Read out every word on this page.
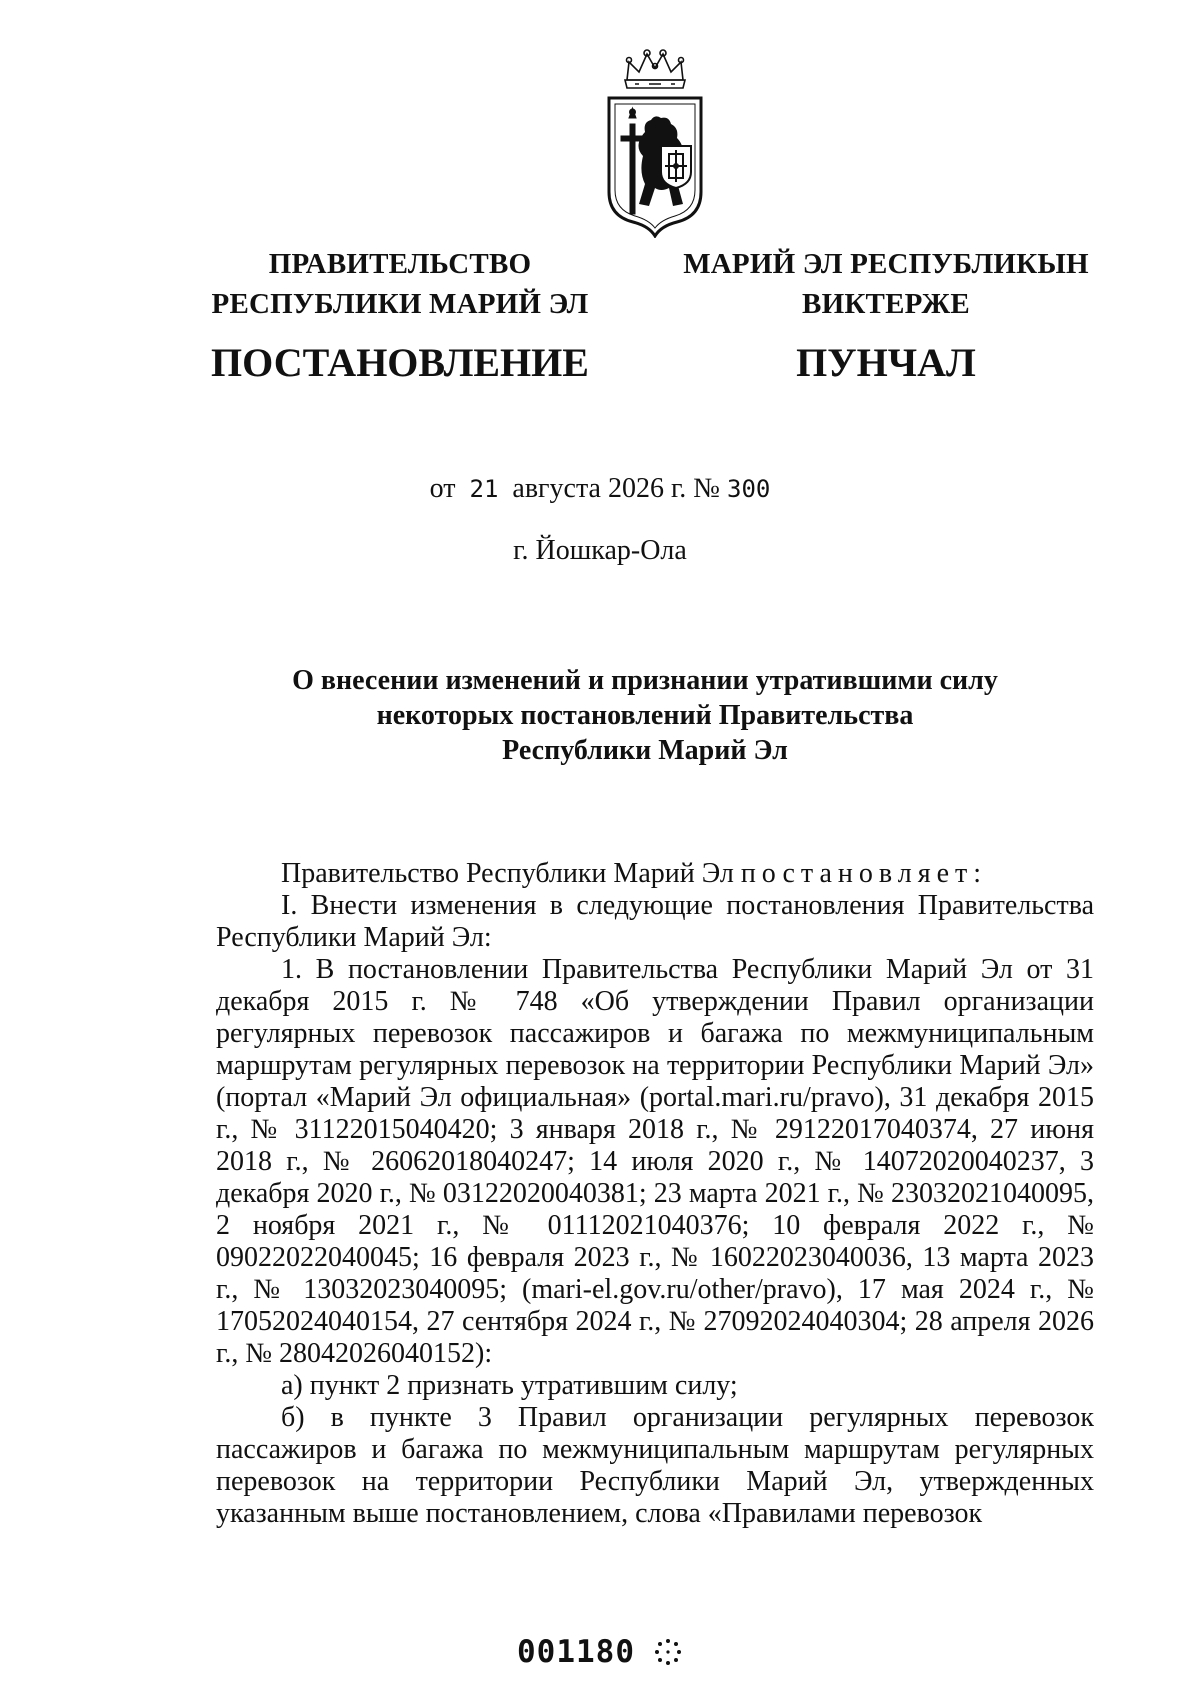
ПРАВИТЕЛЬСТВО
РЕСПУБЛИКИ МАРИЙ ЭЛ
ПОСТАНОВЛЕНИЕ
МАРИЙ ЭЛ РЕСПУБЛИКЫН
ВИКТЕРЖЕ
ПУНЧАЛ
от 21 августа 2026 г. № 300
г. Йошкар-Ола
О внесении изменений и признании утратившими силу
некоторых постановлений Правительства
Республики Марий Эл

Правительство Республики Марий Эл постановляет:

I. Внести изменения в следующие постановления Правительства Республики Марий Эл:

1. В постановлении Правительства Республики Марий Эл от 31 декабря 2015 г. № 748 «Об утверждении Правил организации регулярных перевозок пассажиров и багажа по межмуниципальным маршрутам регулярных перевозок на территории Республики Марий Эл» (портал «Марий Эл официальная» (portal.mari.ru/pravo), 31 декабря 2015 г., № 31122015040420; 3 января 2018 г., № 29122017040374, 27 июня 2018 г., № 26062018040247; 14 июля 2020 г., № 14072020040237, 3 декабря 2020 г., № 03122020040381; 23 марта 2021 г., № 23032021040095, 2 ноября 2021 г., № 01112021040376; 10 февраля 2022 г., № 09022022040045; 16 февраля 2023 г., № 16022023040036, 13 марта 2023 г., № 13032023040095; (mari-el.gov.ru/other/pravo), 17 мая 2024 г., № 17052024040154, 27 сентября 2024 г., № 27092024040304; 28 апреля 2026 г., № 28042026040152):

а) пункт 2 признать утратившим силу;

б) в пункте 3 Правил организации регулярных перевозок пассажиров и багажа по межмуниципальным маршрутам регулярных перевозок на территории Республики Марий Эл, утвержденных указанным выше постановлением, слова «Правилами перевозок

001180
